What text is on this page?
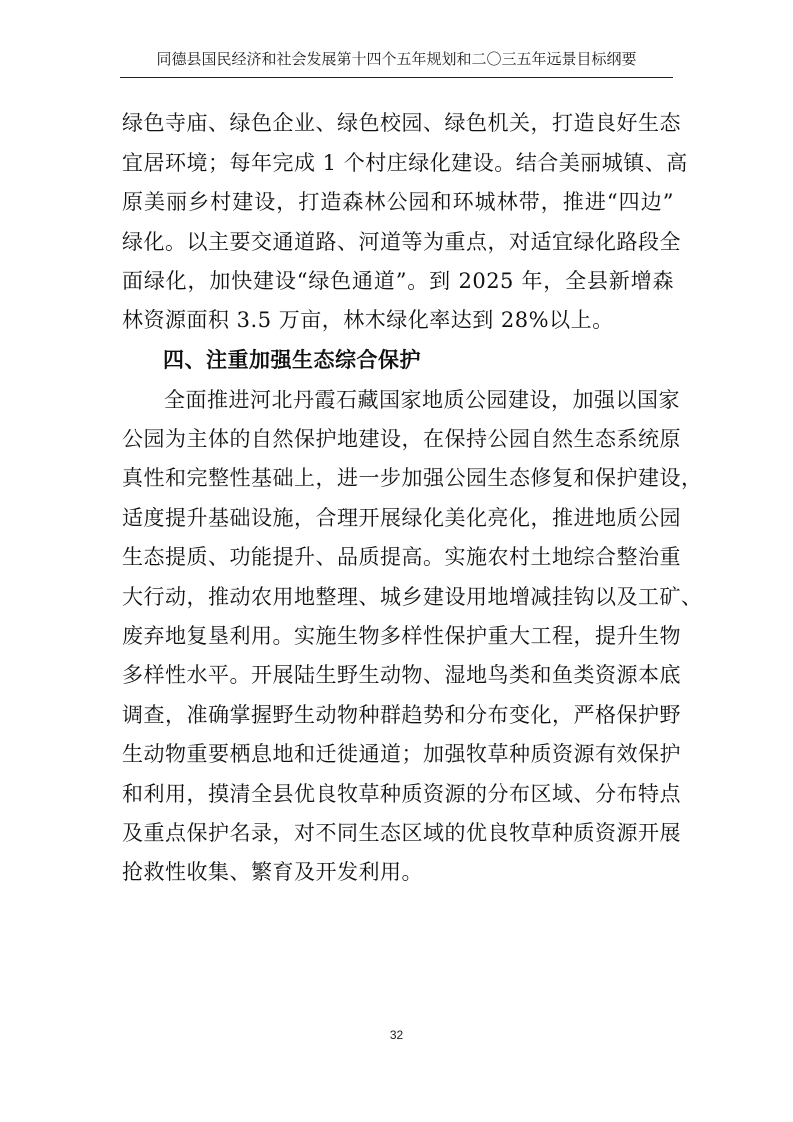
同德县国民经济和社会发展第十四个五年规划和二〇三五年远景目标纲要
绿色寺庙、绿色企业、绿色校园、绿色机关，打造良好生态
宜居环境；每年完成 1 个村庄绿化建设。结合美丽城镇、高
原美丽乡村建设，打造森林公园和环城林带，推进“四边”
绿化。以主要交通道路、河道等为重点，对适宜绿化路段全
面绿化，加快建设“绿色通道”。到 2025 年，全县新增森
林资源面积 3.5 万亩，林木绿化率达到 28%以上。
四、注重加强生态综合保护
全面推进河北丹霞石藏国家地质公园建设，加强以国家
公园为主体的自然保护地建设，在保持公园自然生态系统原
真性和完整性基础上，进一步加强公园生态修复和保护建设，
适度提升基础设施，合理开展绿化美化亮化，推进地质公园
生态提质、功能提升、品质提高。实施农村土地综合整治重
大行动，推动农用地整理、城乡建设用地增减挂钩以及工矿、
废弃地复垦利用。实施生物多样性保护重大工程，提升生物
多样性水平。开展陆生野生动物、湿地鸟类和鱼类资源本底
调查，准确掌握野生动物种群趋势和分布变化，严格保护野
生动物重要栖息地和迁徙通道；加强牧草种质资源有效保护
和利用，摸清全县优良牧草种质资源的分布区域、分布特点
及重点保护名录，对不同生态区域的优良牧草种质资源开展
抢救性收集、繁育及开发利用。
32
